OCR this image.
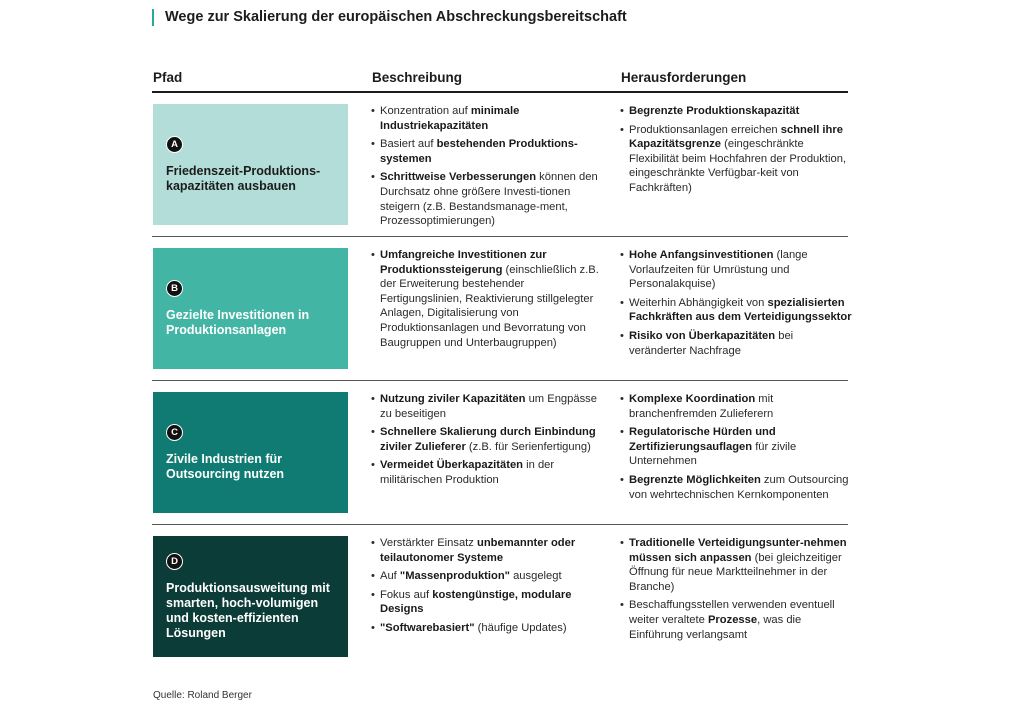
Wege zur Skalierung der europäischen Abschreckungsbereitschaft
Pfad	Beschreibung	Herausforderungen
A
Friedenszeit-Produktions-kapazitäten ausbauen
• Konzentration auf minimale Industriekapazitäten
• Basiert auf bestehenden Produktions-systemen
• Schrittweise Verbesserungen können den Durchsatz ohne größere Investi-tionen steigern (z.B. Bestandsmanage-ment, Prozessoptimierungen)
• Begrenzte Produktionskapazität
• Produktionsanlagen erreichen schnell ihre Kapazitätsgrenze (eingeschränkte Flexibilität beim Hochfahren der Produktion, eingeschränkte Verfügbar-keit von Fachkräften)
B
Gezielte Investitionen in Produktionsanlagen
• Umfangreiche Investitionen zur Produktionssteigerung (einschließlich z.B. der Erweiterung bestehender Fertigungslinien, Reaktivierung stillgelegter Anlagen, Digitalisierung von Produktionsanlagen und Bevorratung von Baugruppen und Unterbaugruppen)
• Hohe Anfangsinvestitionen (lange Vorlaufzeiten für Umrüstung und Personalakquise)
• Weiterhin Abhängigkeit von spezialisierten Fachkräften aus dem Verteidigungssektor
• Risiko von Überkapazitäten bei veränderter Nachfrage
C
Zivile Industrien für Outsourcing nutzen
• Nutzung ziviler Kapazitäten um Engpässe zu beseitigen
• Schnellere Skalierung durch Einbindung ziviler Zulieferer (z.B. für Serienfertigung)
• Vermeidet Überkapazitäten in der militärischen Produktion
• Komplexe Koordination mit branchenfremden Zulieferern
• Regulatorische Hürden und Zertifizierungsauflagen für zivile Unternehmen
• Begrenzte Möglichkeiten zum Outsourcing von wehrtechnischen Kernkomponenten
D
Produktionsausweitung mit smarten, hoch-volumigen und kosten-effizienten Lösungen
• Verstärkter Einsatz unbemannter oder teilautonomer Systeme
• Auf "Massenproduktion" ausgelegt
• Fokus auf kostengünstige, modulare Designs
• "Softwarebasiert" (häufige Updates)
• Traditionelle Verteidigungsunter-nehmen müssen sich anpassen (bei gleichzeitiger Öffnung für neue Marktteilnehmer in der Branche)
• Beschaffungsstellen verwenden eventuell weiter veraltete Prozesse, was die Einführung verlangsamt
Quelle: Roland Berger
